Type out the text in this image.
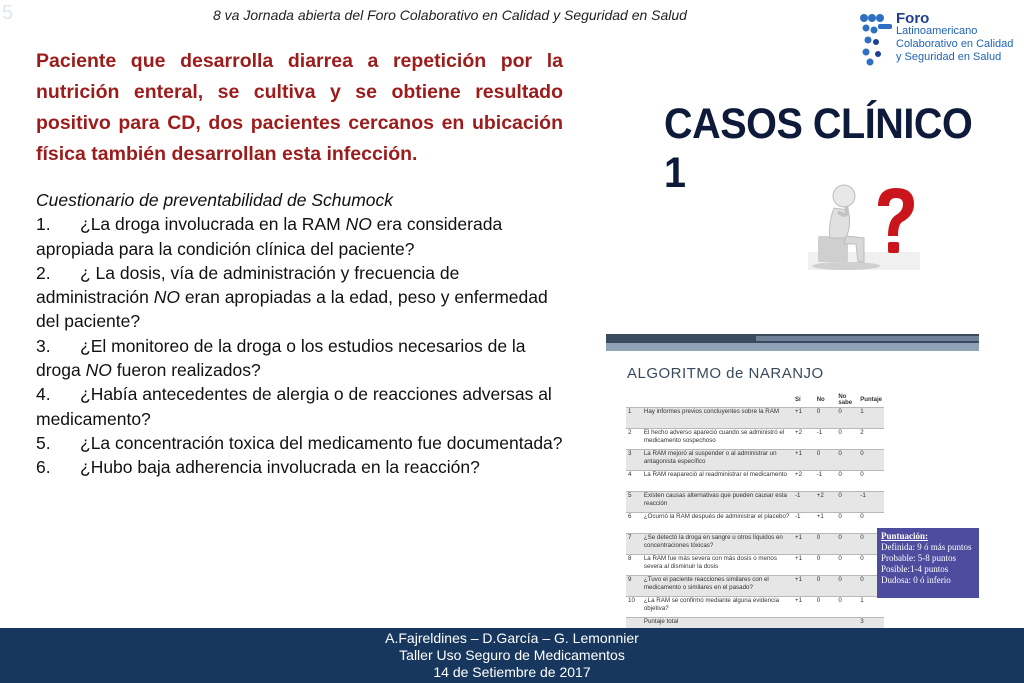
5	8 va Jornada abierta del Foro Colaborativo en Calidad y Seguridad en Salud	Foro
Latinoamericano
Colaborativo en Calidad
y Seguridad en Salud

Paciente que desarrolla diarrea a repetición por la nutrición enteral, se cultiva y se obtiene resultado positivo para CD, dos pacientes cercanos en ubicación física también desarrollan esta infección.

CASOS CLÍNICO 1
Cuestionario de preventabilidad de Schumock
1. ¿La droga involucrada en la RAM NO era considerada apropiada para la condición clínica del paciente?
2. ¿ La dosis, vía de administración y frecuencia de administración NO eran apropiadas a la edad, peso y enfermedad del paciente?
3. ¿El monitoreo de la droga o los estudios necesarios de la droga NO fueron realizados?
4. ¿Había antecedentes de alergia o de reacciones adversas al medicamento?
5. ¿La concentración toxica del medicamento fue documentada?
6. ¿Hubo baja adherencia involucrada en la reacción?
ALGORITMO de NARANJO
		Sí	No	No sabe	Puntaje
1	Hay informes previos concluyentes sobre la RAM	+1	0	0	1
2	El hecho adverso apareció cuando se administró el medicamento sospechoso	+2	-1	0	2
3	La RAM mejoró al suspender o al administrar un antagonista específico	+1	0	0	0
4	La RAM reapareció al readministrar el medicamento	+2	-1	0	0
5	Existen causas alternativas que pueden causar esta reacción	-1	+2	0	-1
6	¿Ocurrió la RAM después de administrar el placebo?	-1	+1	0	0
7	¿Se detectó la droga en sangre u otros líquidos en concentraciones tóxicas?	+1	0	0	0
8	La RAM fue más severa con más dosis o menos severa al disminuir la dosis	+1	0	0	0
9	¿Tuvo el paciente reacciones similares con el medicamento o similares en el pasado?	+1	0	0	0
10	¿La RAM se confirmó mediante alguna evidencia objetiva?	+1	0	0	1
	Puntaje total				3
Puntuación:
Definida: 9 ó más puntos
Probable: 5-8 puntos
Posible:1-4 puntos
Dudosa: 0 ó inferio
A.Fajreldines – D.García – G. Lemonnier
Taller Uso Seguro de Medicamentos
14 de Setiembre de 2017
